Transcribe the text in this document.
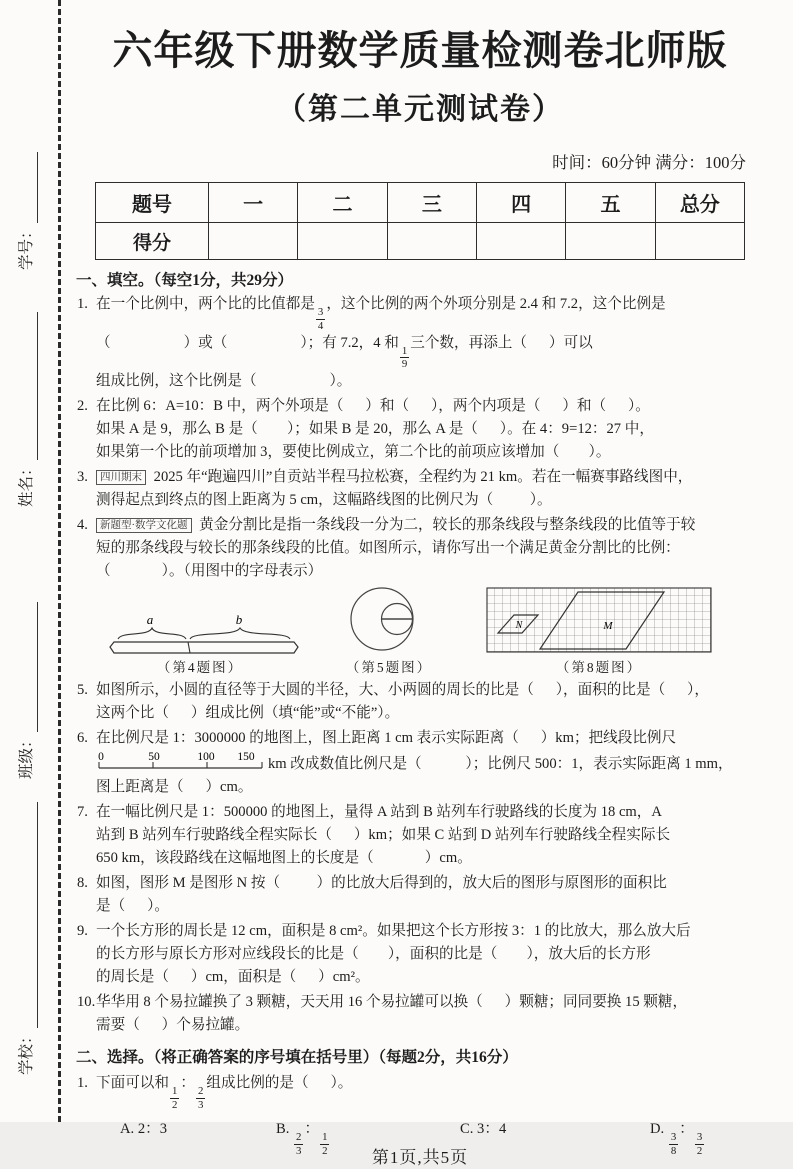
学号：
姓名：
班级：
学校：
六年级下册数学质量检测卷北师版
（第二单元测试卷）
时间：60分钟 满分：100分
题号	一	二	三	四	五	总分
得分						
一、填空。（每空1分，共29分）
1. 在一个比例中，两个比的比值都是
$\frac{3}{4}$
，这个比例的两个外项分别是 2.4 和 7.2，这个比例是
（                    ）或（                    ）；有 7.2，4 和
$\frac{1}{9}$
三个数，再添上（      ）可以
组成比例，这个比例是（                    ）。
2. 在比例 6：A=10：B 中，两个外项是（      ）和（      ），两个内项是（      ）和（      ）。
如果 A 是 9，那么 B 是（        ）；如果 B 是 20，那么 A 是（      ）。在 4：9=12：27 中，
如果第一个比的前项增加 3，要使比例成立，第二个比的前项应该增加（        ）。
3.	四川期末 2025 年“跑遍四川”自贡站半程马拉松赛，全程约为 21 km。若在一幅赛事路线图中，
测得起点到终点的图上距离为 5 cm，这幅路线图的比例尺为（          ）。
4.	新题型·数学文化题 黄金分割比是指一条线段一分为二，较长的那条线段与整条线段的比值等于较
短的那条线段与较长的那条线段的比值。如图所示，请你写出一个满足黄金分割比的比例：
（              ）。（用图中的字母表示）
a	b
（第4题图）	（第5题图）
N	M
（第8题图）
5. 如图所示，小圆的直径等于大圆的半径，大、小两圆的周长的比是（      ），面积的比是（      ），
这两个比（      ）组成比例（填“能”或“不能”）。
6. 在比例尺是 1：3000000 的地图上，图上距离 1 cm 表示实际距离（      ）km；把线段比例尺
0	50	100 150 km 改成数值比例尺是（            ）；比例尺 500：1，表示实际距离 1 mm，
图上距离是（      ）cm。
7. 在一幅比例尺是 1：500000 的地图上，量得 A 站到 B 站列车行驶路线的长度为 18 cm，A
站到 B 站列车行驶路线全程实际长（      ）km；如果 C 站到 D 站列车行驶路线全程实际长
650 km，该段路线在这幅地图上的长度是（              ）cm。
8. 如图，图形 M 是图形 N 按（          ）的比放大后得到的，放大后的图形与原图形的面积比
是（      ）。
9. 一个长方形的周长是 12 cm，面积是 8 cm²。如果把这个长方形按 3：1 的比放大，那么放大后
的长方形与原长方形对应线段长的比是（        ），面积的比是（        ），放大后的长方形
的周长是（      ）cm，面积是（      ）cm²。
10. 华华用 8 个易拉罐换了 3 颗糖，天天用 16 个易拉罐可以换（      ）颗糖；同同要换 15 颗糖，
需要（      ）个易拉罐。
二、选择。（将正确答案的序号填在括号里）（每题2分，共16分）
1. 下面可以和
$\frac{1}{2}$
：
$\frac{2}{3}$
组成比例的是（      ）。
A. 2：3	B.
$\frac{2}{3}$
：
$\frac{1}{2}$
C. 3：4	D.
$\frac{3}{8}$
：
$\frac{3}{2}$
第1页,共5页
